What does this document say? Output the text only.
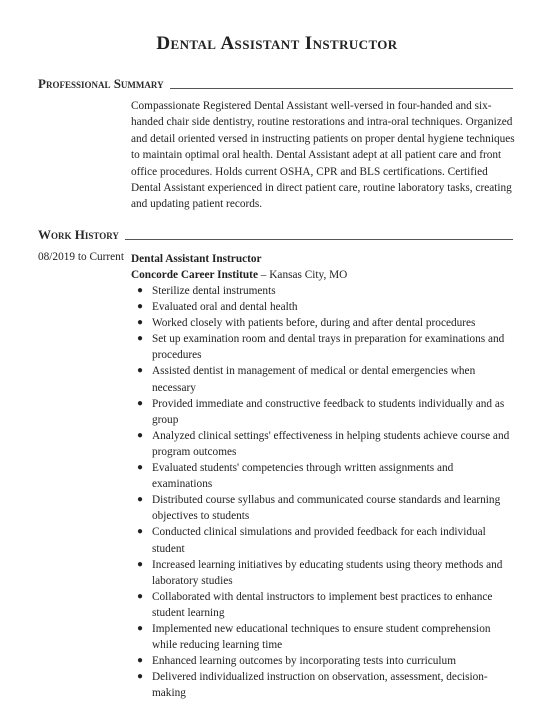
Dental Assistant Instructor
Professional Summary

Compassionate Registered Dental Assistant well-versed in four-handed and six-handed chair side dentistry, routine restorations and intra-oral techniques. Organized and detail oriented versed in instructing patients on proper dental hygiene techniques to maintain optimal oral health. Dental Assistant adept at all patient care and front office procedures. Holds current OSHA, CPR and BLS certifications. Certified Dental Assistant experienced in direct patient care, routine laboratory tasks, creating and updating patient records.

Work History
08/2019 to Current Dental Assistant Instructor
Concorde Career Institute – Kansas City, MO
● Sterilize dental instruments
● Evaluated oral and dental health
● Worked closely with patients before, during and after dental procedures
● Set up examination room and dental trays in preparation for examinations and procedures
● Assisted dentist in management of medical or dental emergencies when necessary
● Provided immediate and constructive feedback to students individually and as group
● Analyzed clinical settings' effectiveness in helping students achieve course and program outcomes
● Evaluated students' competencies through written assignments and examinations
● Distributed course syllabus and communicated course standards and learning objectives to students
● Conducted clinical simulations and provided feedback for each individual student
● Increased learning initiatives by educating students using theory methods and laboratory studies
● Collaborated with dental instructors to implement best practices to enhance student learning
● Implemented new educational techniques to ensure student comprehension while reducing learning time
● Enhanced learning outcomes by incorporating tests into curriculum
● Delivered individualized instruction on observation, assessment, decision-making
